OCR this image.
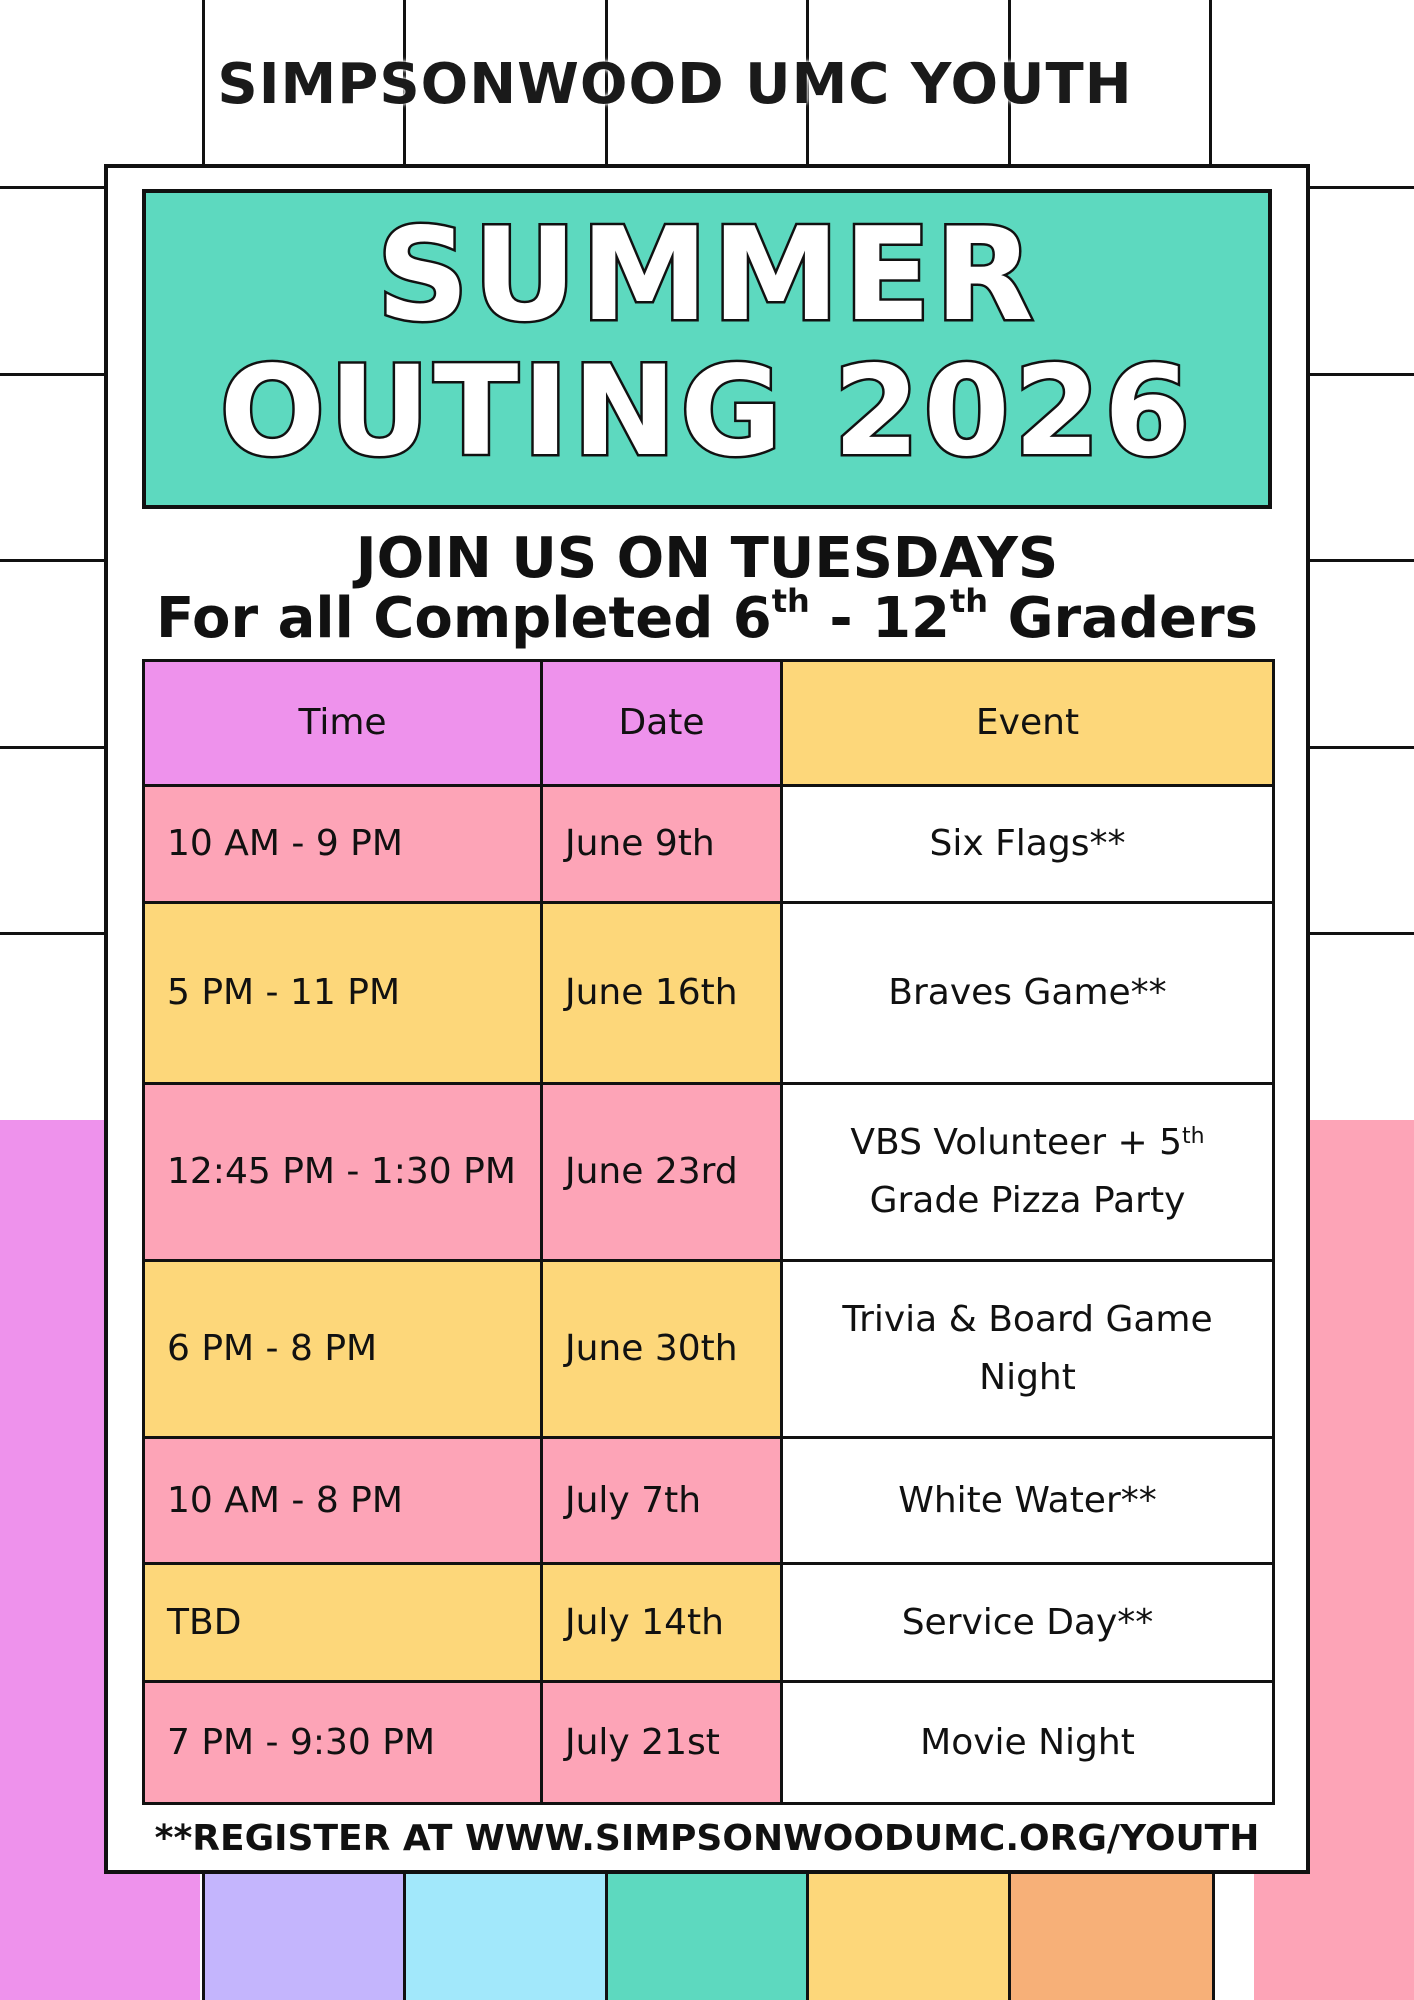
SIMPSONWOOD UMC YOUTH
SUMMER
OUTING 2026
JOIN US ON TUESDAYS
For all Completed 6th - 12th Graders
Time	Date	Event
10 AM - 9 PM	June 9th	Six Flags**
5 PM - 11 PM	June 16th	Braves Game**
12:45 PM - 1:30 PM	June 23rd	VBS Volunteer + 5th Grade Pizza Party
6 PM - 8 PM	June 30th	Trivia & Board Game Night
10 AM - 8 PM	July 7th	White Water**
TBD	July 14th	Service Day**
7 PM - 9:30 PM	July 21st	Movie Night
**REGISTER AT WWW.SIMPSONWOODUMC.ORG/YOUTH
